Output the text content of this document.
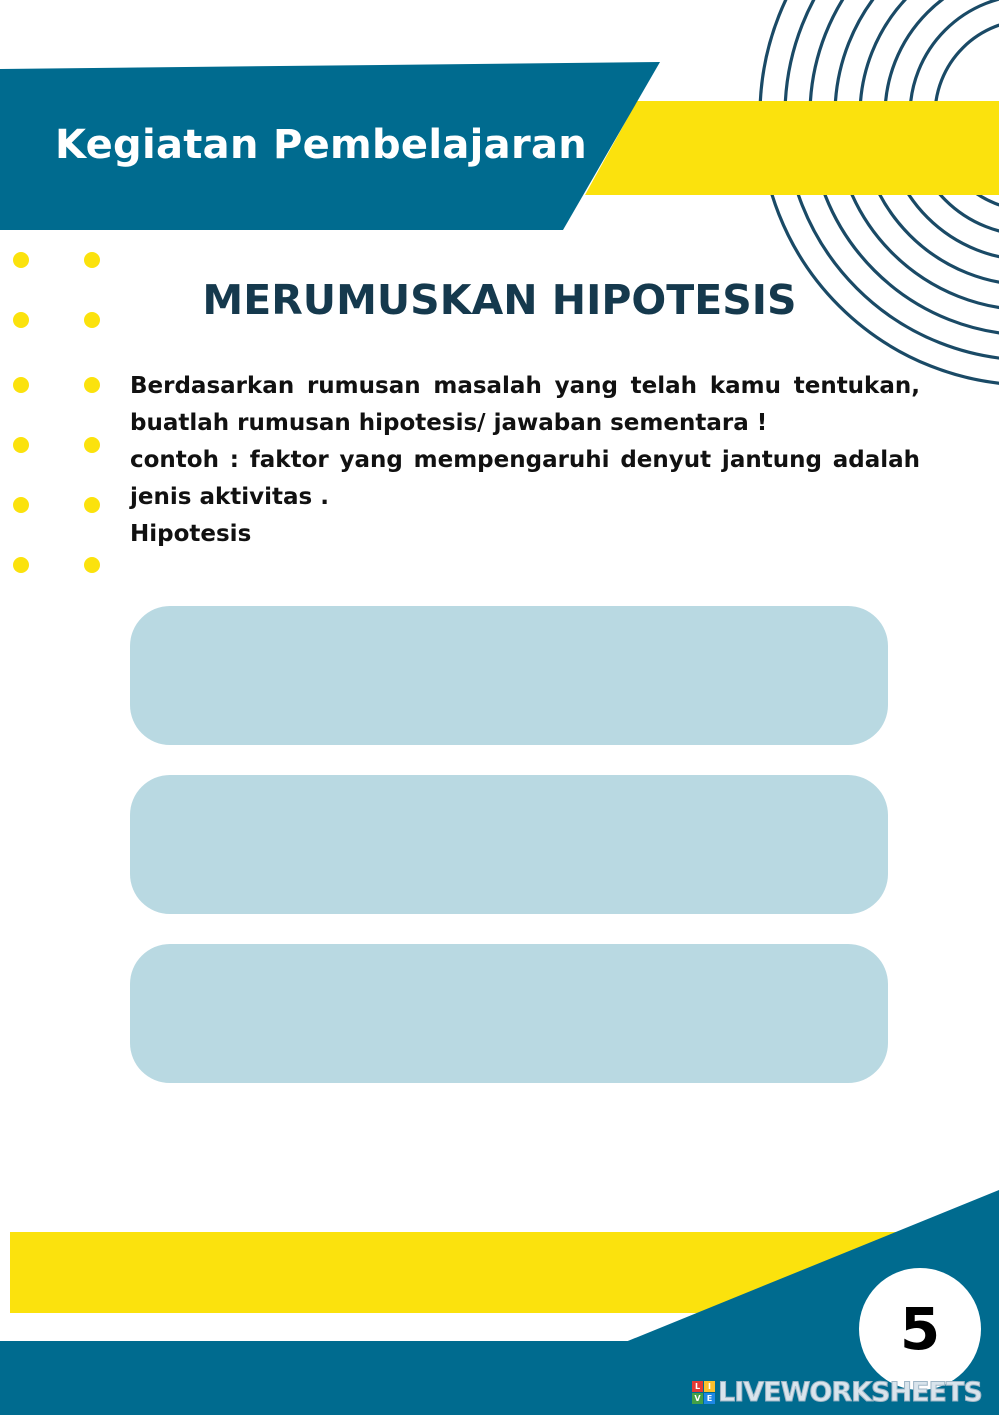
Kegiatan Pembelajaran
MERUMUSKAN HIPOTESIS

Berdasarkan rumusan masalah yang telah kamu tentukan, buatlah rumusan hipotesis/ jawaban sementara !

contoh : faktor yang mempengaruhi denyut jantung adalah jenis aktivitas .

Hipotesis

5
L I
V E LIVEWORKSHEETS
